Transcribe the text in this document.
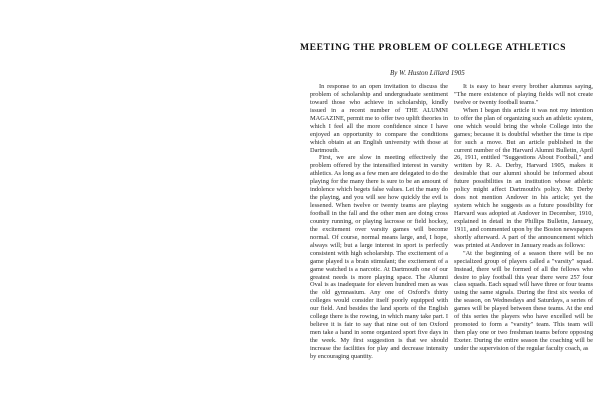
MEETING THE PROBLEM OF COLLEGE ATHLETICS
By W. Huston Lillard 1905

In response to an open invitation to discuss the problem of scholarship and undergraduate sentiment toward those who achieve in scholarship, kindly issued in a recent number of THE ALUMNI MAGAZINE, permit me to offer two uplift theories in which I feel all the more confidence since I have enjoyed an opportunity to compare the conditions which obtain at an English university with those at Dartmouth.

First, we are slow in meeting effectively the problem offered by the intensified interest in varsity athletics. As long as a few men are delegated to do the playing for the many there is sure to be an amount of indolence which begets false values. Let the many do the playing, and you will see how quickly the evil is lessened. When twelve or twenty teams are playing football in the fall and the other men are doing cross country running, or playing lacrosse or field hockey, the excitement over varsity games will become normal. Of course, normal means large, and, I hope, always will; but a large interest in sport is perfectly consistent with high scholarship. The excitement of a game played is a brain stimulant; the excitement of a game watched is a narcotic. At Dartmouth one of our greatest needs is more playing space. The Alumni Oval is as inadequate for eleven hundred men as was the old gymnasium. Any one of Oxford's thirty colleges would consider itself poorly equipped with our field. And besides the land sports of the English college there is the rowing, in which many take part. I believe it is fair to say that nine out of ten Oxford men take a hand in some organized sport five days in the week. My first suggestion is that we should increase the facilities for play and decrease intensity by encouraging quantity.

It is easy to hear every brother alumnus saying, "The mere existence of playing fields will not create twelve or twenty football teams."

When I began this article it was not my intention to offer the plan of organizing such an athletic system, one which would bring the whole College into the games; because it is doubtful whether the time is ripe for such a move. But an article published in the current number of the Harvard Alumni Bulletin, April 26, 1911, entitled "Suggestions About Football," and written by R. A. Derby, Harvard 1905, makes it desirable that our alumni should be informed about future possibilities in an institution whose athletic policy might affect Dartmouth's policy. Mr. Derby does not mention Andover in his article; yet the system which he suggests as a future possibility for Harvard was adopted at Andover in December, 1910, explained in detail in the Phillips Bulletin, January, 1911, and commented upon by the Boston newspapers shortly afterward. A part of the announcement which was printed at Andover in January reads as follows:

"At the beginning of a season there will be no specialized group of players called a "varsity" squad. Instead, there will be formed of all the fellows who desire to play football this year there were 257 four class squads. Each squad will have three or four teams using the same signals. During the first six weeks of the season, on Wednesdays and Saturdays, a series of games will be played between these teams. At the end of this series the players who have excelled will be promoted to form a "varsity" team. This team will then play one or two freshman teams before opposing Exeter. During the entire season the coaching will be under the supervision of the regular faculty coach, as
